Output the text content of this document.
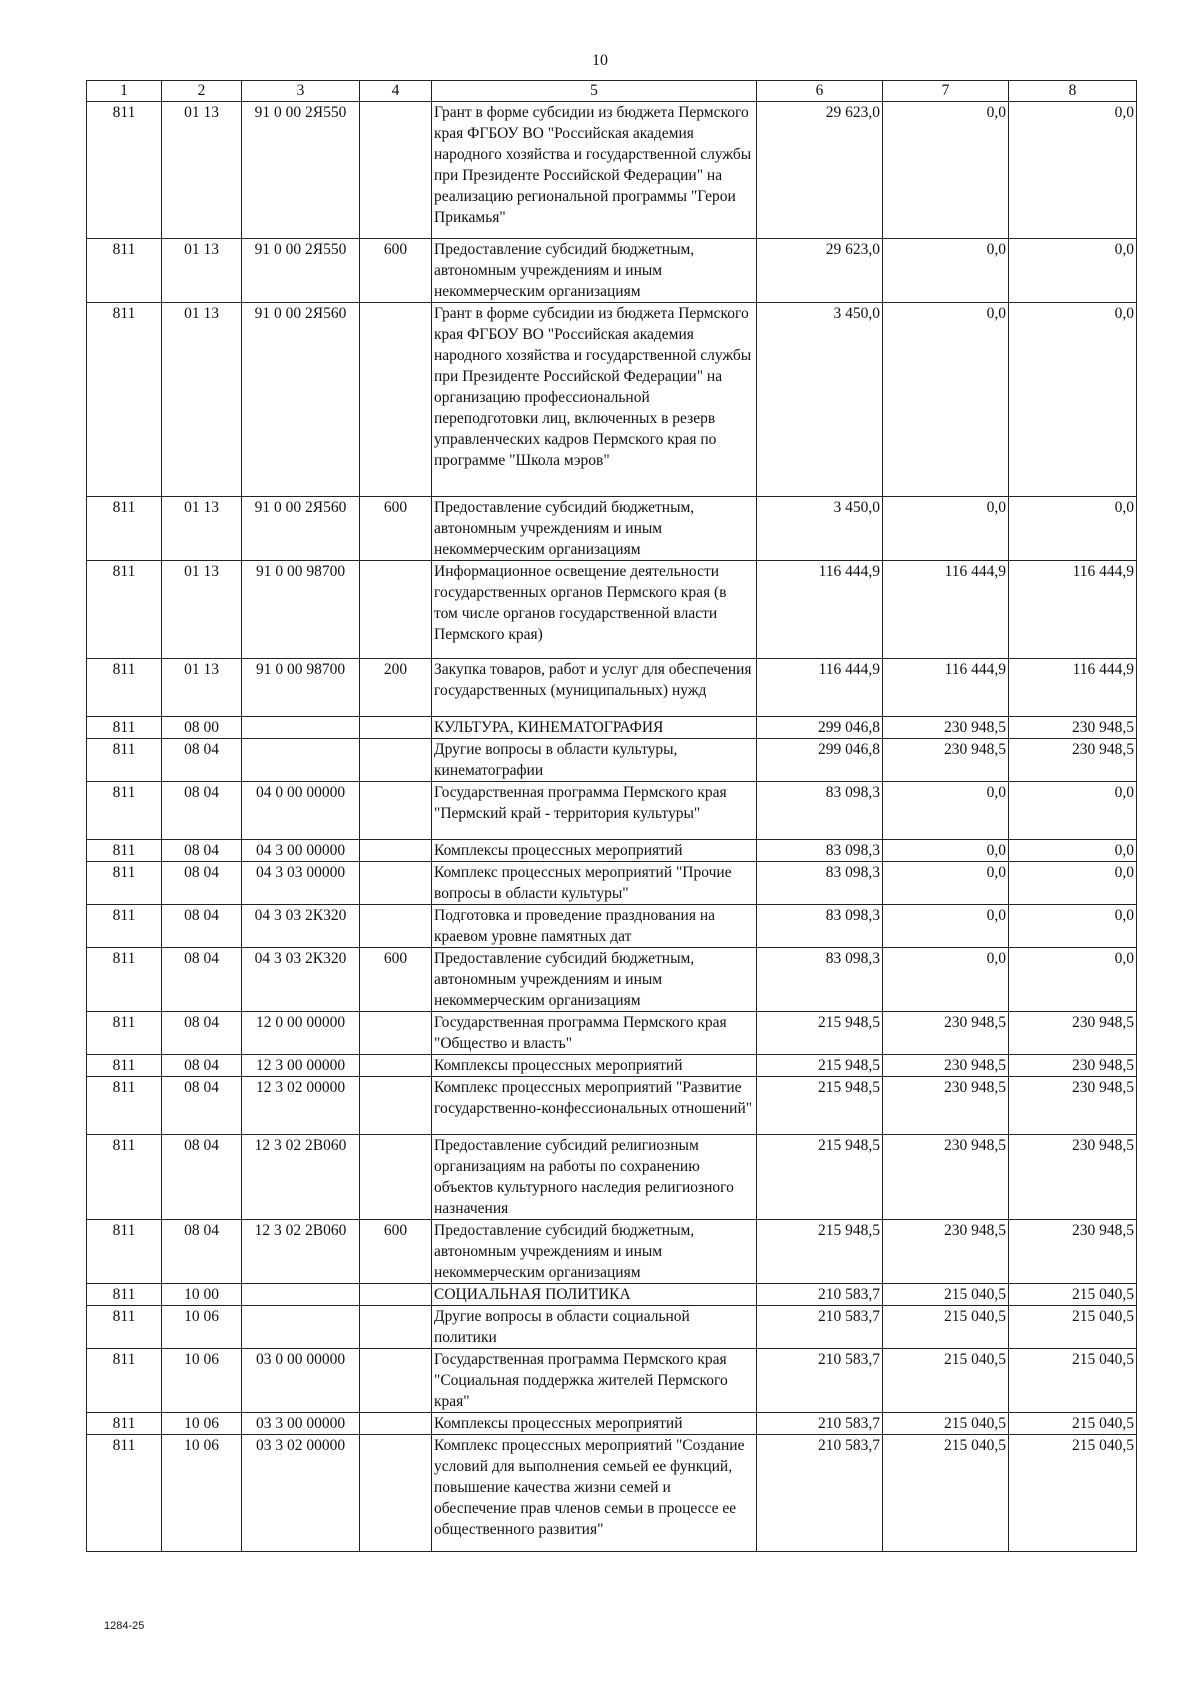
10
1	2	3	4	5	6	7	8
811	01 13	91 0 00 2Я550		Грант в форме субсидии из бюджета Пермского края ФГБОУ ВО "Российская академия народного хозяйства и государственной службы при Президенте Российской Федерации" на реализацию региональной программы "Герои Прикамья"	29 623,0	0,0	0,0
811	01 13	91 0 00 2Я550	600	Предоставление субсидий бюджетным, автономным учреждениям и иным некоммерческим организациям	29 623,0	0,0	0,0
811	01 13	91 0 00 2Я560		Грант в форме субсидии из бюджета Пермского края ФГБОУ ВО "Российская академия народного хозяйства и государственной службы при Президенте Российской Федерации" на организацию профессиональной переподготовки лиц, включенных в резерв управленческих кадров Пермского края по программе "Школа мэров"	3 450,0	0,0	0,0
811	01 13	91 0 00 2Я560	600	Предоставление субсидий бюджетным, автономным учреждениям и иным некоммерческим организациям	3 450,0	0,0	0,0
811	01 13	91 0 00 98700		Информационное освещение деятельности государственных органов Пермского края (в том числе органов государственной власти Пермского края)	116 444,9	116 444,9	116 444,9
811	01 13	91 0 00 98700	200	Закупка товаров, работ и услуг для обеспечения государственных (муниципальных) нужд	116 444,9	116 444,9	116 444,9
811	08 00			КУЛЬТУРА, КИНЕМАТОГРАФИЯ	299 046,8	230 948,5	230 948,5
811	08 04			Другие вопросы в области культуры, кинематографии	299 046,8	230 948,5	230 948,5
811	08 04	04 0 00 00000		Государственная программа Пермского края "Пермский край - территория культуры"	83 098,3	0,0	0,0
811	08 04	04 3 00 00000		Комплексы процессных мероприятий	83 098,3	0,0	0,0
811	08 04	04 3 03 00000		Комплекс процессных мероприятий "Прочие вопросы в области культуры"	83 098,3	0,0	0,0
811	08 04	04 3 03 2К320		Подготовка и проведение празднования на краевом уровне памятных дат	83 098,3	0,0	0,0
811	08 04	04 3 03 2К320	600	Предоставление субсидий бюджетным, автономным учреждениям и иным некоммерческим организациям	83 098,3	0,0	0,0
811	08 04	12 0 00 00000		Государственная программа Пермского края "Общество и власть"	215 948,5	230 948,5	230 948,5
811	08 04	12 3 00 00000		Комплексы процессных мероприятий	215 948,5	230 948,5	230 948,5
811	08 04	12 3 02 00000		Комплекс процессных мероприятий "Развитие государственно-конфессиональных отношений"	215 948,5	230 948,5	230 948,5
811	08 04	12 3 02 2В060		Предоставление субсидий религиозным организациям на работы по сохранению объектов культурного наследия религиозного назначения	215 948,5	230 948,5	230 948,5
811	08 04	12 3 02 2В060	600	Предоставление субсидий бюджетным, автономным учреждениям и иным некоммерческим организациям	215 948,5	230 948,5	230 948,5
811	10 00			СОЦИАЛЬНАЯ ПОЛИТИКА	210 583,7	215 040,5	215 040,5
811	10 06			Другие вопросы в области социальной политики	210 583,7	215 040,5	215 040,5
811	10 06	03 0 00 00000		Государственная программа Пермского края "Социальная поддержка жителей Пермского края"	210 583,7	215 040,5	215 040,5
811	10 06	03 3 00 00000		Комплексы процессных мероприятий	210 583,7	215 040,5	215 040,5
811	10 06	03 3 02 00000		Комплекс процессных мероприятий "Создание условий для выполнения семьей ее функций, повышение качества жизни семей и обеспечение прав членов семьи в процессе ее общественного развития"	210 583,7	215 040,5	215 040,5
1284-25
